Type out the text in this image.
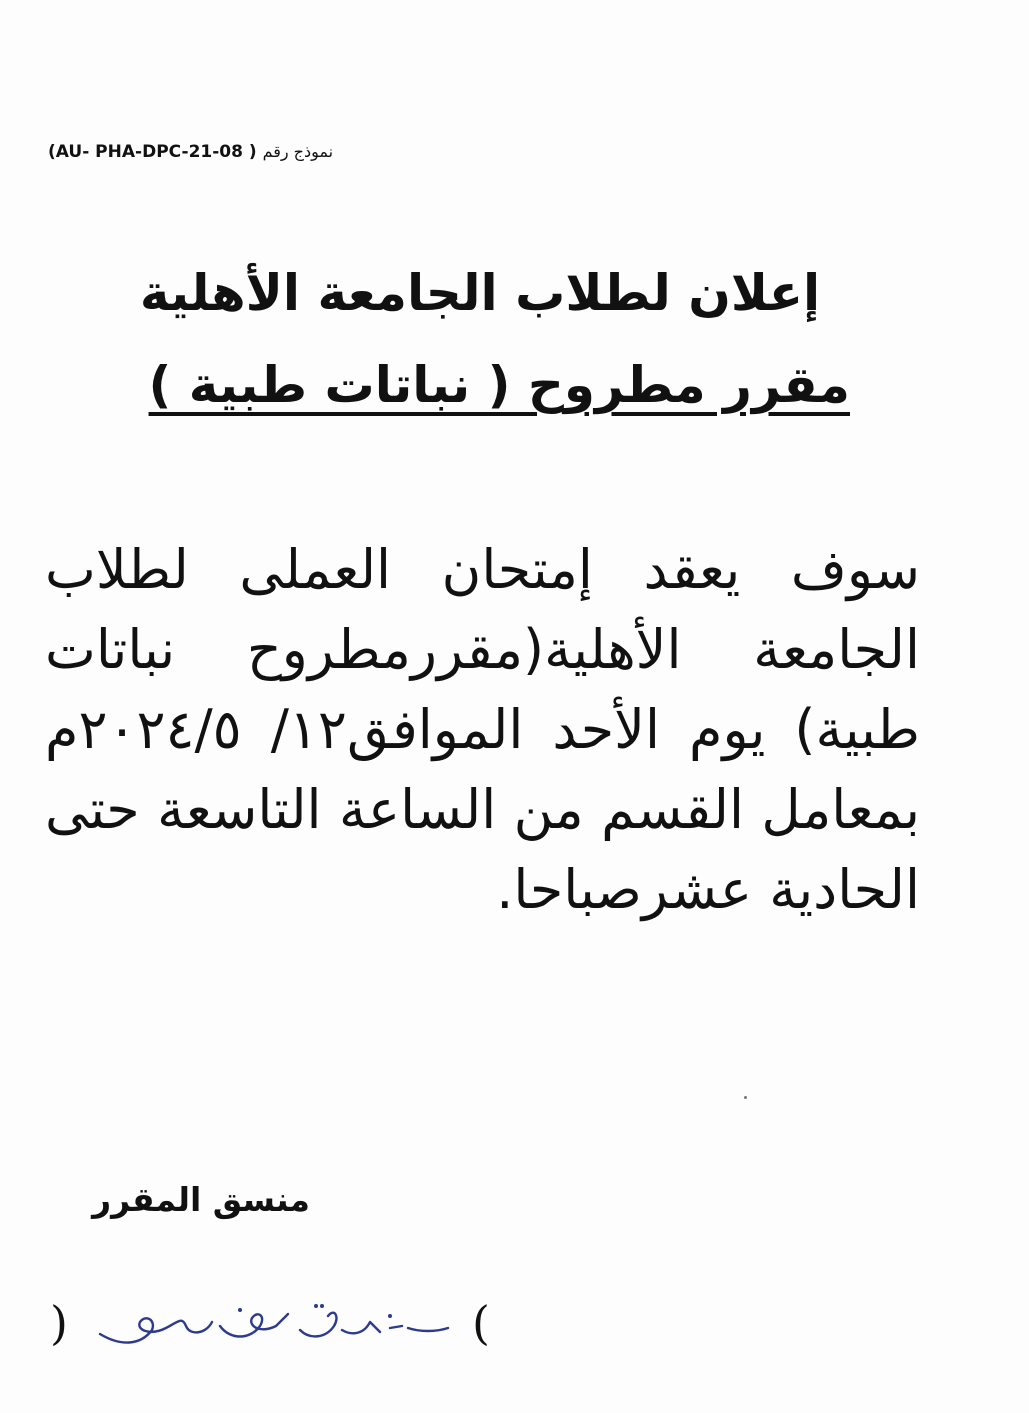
(AU- PHA-DPC-21-08 ) نموذج رقم
إعلان لطلاب الجامعة الأهلية
مقرر مطروح ( نباتات طبية )
سوف يعقد إمتحان العملى لطلاب الجامعة الأهلية(مقررمطروح نباتات طبية) يوم الأحد الموافق١٢/ ٢٠٢٤/٥م بمعامل القسم من الساعة التاسعة حتى الحادية عشرصباحا.
منسق المقرر
)	(
